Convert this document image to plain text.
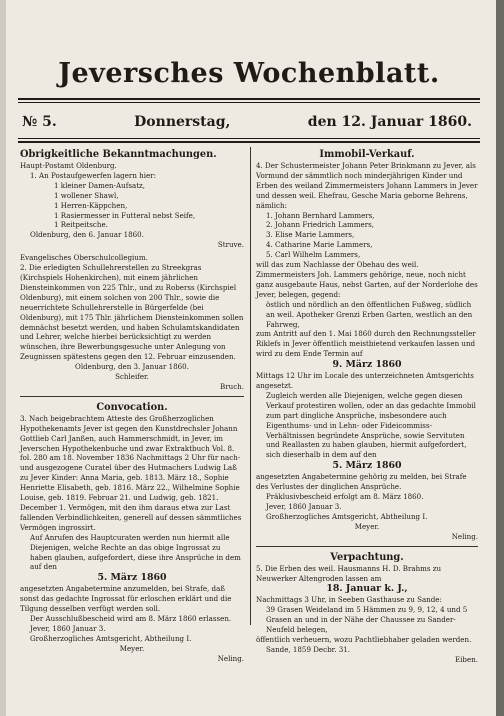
Jeversches Wochenblatt.
№ 5.	Donnerstag,	den 12. Januar 1860.

Obrigkeitliche Bekanntmachungen.

Haupt-Postamt Oldenburg.

1. An Postaufgewerfen lagern hier:

1 kleiner Damen-Aufsatz,

1 wollener Shawl,

1 Herren-Käppchen,

1 Rasiermesser in Futteral nebst Seife,

1 Reitpeitsche.

Oldenburg, den 6. Januar 1860.

Struve.

Evangelisches Oberschulcollegium.

2. Die erledigten Schullehrerstellen zu Streekgras (Kirchspiels Hohenkirchen), mit einem jährlichen Diensteinkommen von 225 Thlr., und zu Roberss (Kirchspiel Oldenburg), mit einem solchen von 200 Thlr., sowie die neuerrichtete Schullehrerstelle in Bürgerfelde (bei Oldenburg), mit 175 Thlr. jährlichem Diensteinkommen sollen demnächst besetzt werden, und haben Schulamtskandidaten und Lehrer, welche hierbei berücksichtigt zu werden wünschen, ihre Bewerbungsgesuche unter Anlegung von Zeugnissen spätestens gegen den 12. Februar einzusenden.

Oldenburg, den 3. Januar 1860.

Schleifer.

Bruch.

Convocation.

3. Nach beigebrachtem Atteste des Großherzoglichen Hypothekenamts Jever ist gegen den Kunstdrechsler Johann Gottlieb Carl Janßen, auch Hammerschmidt, in Jever, im Jeverschen Hypothekenbuche und zwar Extraktbuch Vol. 8. fol. 280 am 18. November 1836 Nachmittags 2 Uhr für nach- und ausgezogene Curatel über des Hutmachers Ludwig Laß zu Jever Kinder: Anna Maria, geb. 1813. März 18., Sophie Henriette Elisabeth, geb. 1816. März 22., Wilhelmine Sophie Louise, geb. 1819. Februar 21. und Ludwig, geb. 1821. December 1. Vermögen, mit den ihm daraus etwa zur Last fallenden Verbindlichkeiten, generell auf dessen sämmtliches Vermögen ingrossirt.

Auf Anrufen des Hauptcuraten werden nun hiermit alle Diejenigen, welche Rechte an das obige Ingrossat zu haben glauben, aufgefordert, diese ihre Ansprüche in dem auf den

5. März 1860

angesetzten Angabetermine anzumelden, bei Strafe, daß sonst das gedachte Ingrossat für erloschen erklärt und die Tilgung desselben verfügt werden soll.

Der Ausschlußbescheid wird am 8. März 1860 erlassen.

Jever, 1860 Januar 3.

Großherzogliches Amtsgericht, Abtheilung I.

Meyer.

Neling.

Immobil-Verkauf.

4. Der Schustermeister Johann Peter Brinkmann zu Jever, als Vormund der sämmtlich noch minderjährigen Kinder und Erben des weiland Zimmermeisters Johann Lammers in Jever und dessen weil. Ehefrau, Gesche Maria geborne Behrens, nämlich:

1. Johann Bernhard Lammers,

2. Johann Friedrich Lammers,

3. Elise Marie Lammers,

4. Catharine Marie Lammers,

5. Carl Wilhelm Lammers,

will das zum Nachlasse der Obehau des weil. Zimmermeisters Joh. Lammers gehörige, neue, noch nicht ganz ausgebaute Haus, nebst Garten, auf der Norderlohe des Jever, belegen, gegend:

östlich und nördlich an den öffentlichen Fußweg, südlich an weil. Apotheker Grenzi Erben Garten, westlich an den Fahrweg,

zum Antritt auf den 1. Mai 1860 durch den Rechnungssteller Riklefs in Jever öffentlich meistbietend verkaufen lassen und wird zu dem Ende Termin auf

9. März 1860

Mittags 12 Uhr im Locale des unterzeichneten Amtsgerichts angesetzt.

Zugleich werden alle Diejenigen, welche gegen diesen Verkauf protestiren wollen, oder an das gedachte Immobil zum part dingliche Ansprüche, insbesondere auch Eigenthums- und in Lehn- oder Fideicommiss-Verhältnissen begründete Ansprüche, sowie Servituten und Reallasten zu haben glauben, hiermit aufgefordert, sich dieserhalb in dem auf den

5. März 1860

angesetzten Angabetermine gehörig zu melden, bei Strafe des Verlustes der dinglichen Ansprüche.

Präklusivbescheid erfolgt am 8. März 1860.

Jever, 1860 Januar 3.

Großherzogliches Amtsgericht, Abtheilung I.

Meyer.

Neling.

Verpachtung.

5. Die Erben des weil. Hausmanns H. D. Brahms zu Neuwerker Altengroden lassen am

18. Januar k. J.,

Nachmittags 3 Uhr, in Seeben Gasthause zu Sande:

39 Grasen Weideland im 5 Hämmen zu 9, 9, 12, 4 und 5 Grasen an und in der Nähe der Chaussee zu Sander-Neufeld belegen,

öffentlich verheuern, wozu Pachtliebhaber geladen werden.

Sande, 1859 Decbr. 31.

Eiben.
